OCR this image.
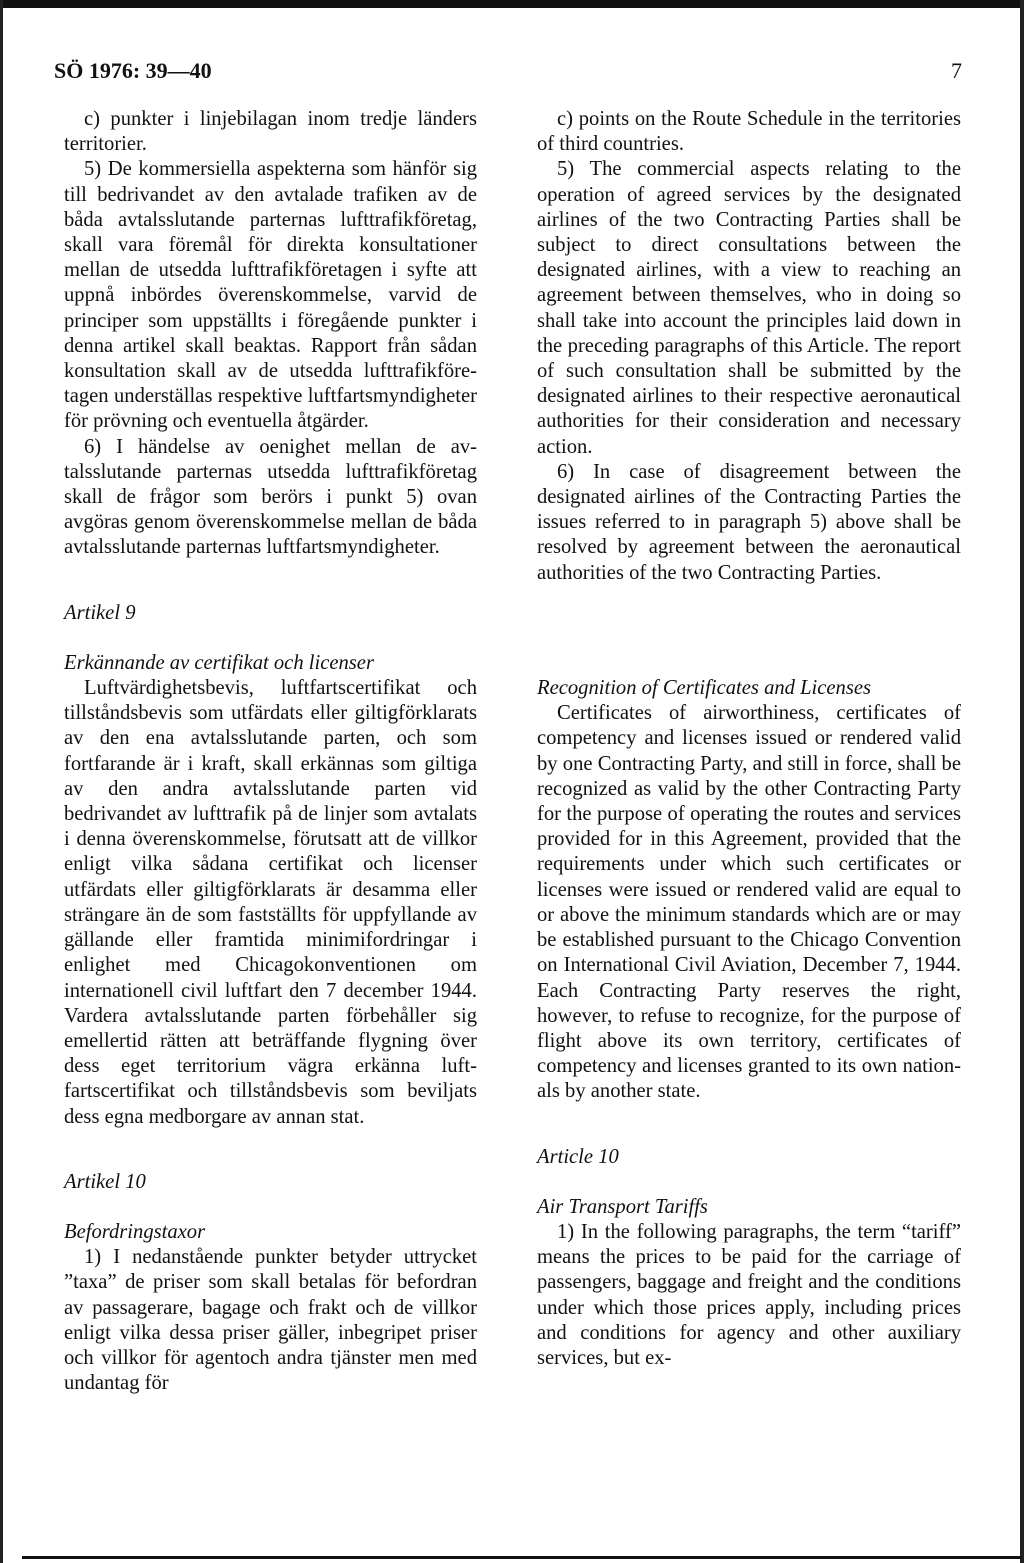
SÖ 1976: 39—40	7

c) punkter i linjebilagan inom tredje länders territorier.

5) De kommersiella aspekterna som hänför sig till bedrivandet av den avtalade trafiken av de båda avtalsslutande parternas lufttrafikföretag, skall vara föremål för direkta konsultationer mellan de utsedda lufttrafikföretagen i syfte att uppnå inbördes överenskommelse, varvid de principer som uppställts i föregående punkter i denna artikel skall beaktas. Rapport från sådan konsultation skall av de utsedda lufttrafikföretagen underställas respektive luftfartsmyndigheter för prövning och eventuella åtgärder.

6) I händelse av oenighet mellan de avtalsslutande parternas utsedda lufttrafikföretag skall de frågor som berörs i punkt 5) ovan avgöras genom överenskommelse mellan de båda avtalsslutande parternas luftfartsmyndigheter.

Artikel 9

Erkännande av certifikat och licenser

Luftvärdighetsbevis, luftfartscertifikat och tillståndsbevis som utfärdats eller giltigförklarats av den ena avtalsslutande parten, och som fortfarande är i kraft, skall erkännas som giltiga av den andra avtalsslutande parten vid bedrivandet av lufttrafik på de linjer som avtalats i denna överenskommelse, förutsatt att de villkor enligt vilka sådana certifikat och licenser utfärdats eller giltigförklarats är desamma eller strängare än de som fastställts för uppfyllande av gällande eller framtida minimifordringar i enlighet med Chicagokonventionen om internationell civil luftfart den 7 december 1944. Vardera avtalsslutande parten förbehåller sig emellertid rätten att beträffande flygning över dess eget territorium vägra erkänna luftfartscertifikat och tillståndsbevis som beviljats dess egna medborgare av annan stat.

Artikel 10

Befordringstaxor

1) I nedanstående punkter betyder uttrycket ”taxa” de priser som skall betalas för befordran av passagerare, bagage och frakt och de villkor enligt vilka dessa priser gäller, inbegripet priser och villkor för agentoch andra tjänster men med undantag för

c) points on the Route Schedule in the territories of third countries.

5) The commercial aspects relating to the operation of agreed services by the designated airlines of the two Contracting Parties shall be subject to direct consultations between the designated airlines, with a view to reaching an agreement between themselves, who in doing so shall take into account the principles laid down in the preceding paragraphs of this Article. The report of such consultation shall be submitted by the designated airlines to their respective aeronautical authorities for their consideration and necessary action.

6) In case of disagreement between the designated airlines of the Contracting Parties the issues referred to in paragraph 5) above shall be resolved by agreement between the aeronautical authorities of the two Contracting Parties.

Recognition of Certificates and Licenses

Certificates of airworthiness, certificates of competency and licenses issued or rendered valid by one Contracting Party, and still in force, shall be recognized as valid by the other Contracting Party for the purpose of operating the routes and services provided for in this Agreement, provided that the requirements under which such certificates or licenses were issued or rendered valid are equal to or above the minimum standards which are or may be established pursuant to the Chicago Convention on International Civil Aviation, December 7, 1944. Each Contracting Party reserves the right, however, to refuse to recognize, for the purpose of flight above its own territory, certificates of competency and licenses granted to its own nationals by another state.

Article 10

Air Transport Tariffs

1) In the following paragraphs, the term “tariff” means the prices to be paid for the carriage of passengers, baggage and freight and the conditions under which those prices apply, including prices and conditions for agency and other auxiliary services, but ex-
